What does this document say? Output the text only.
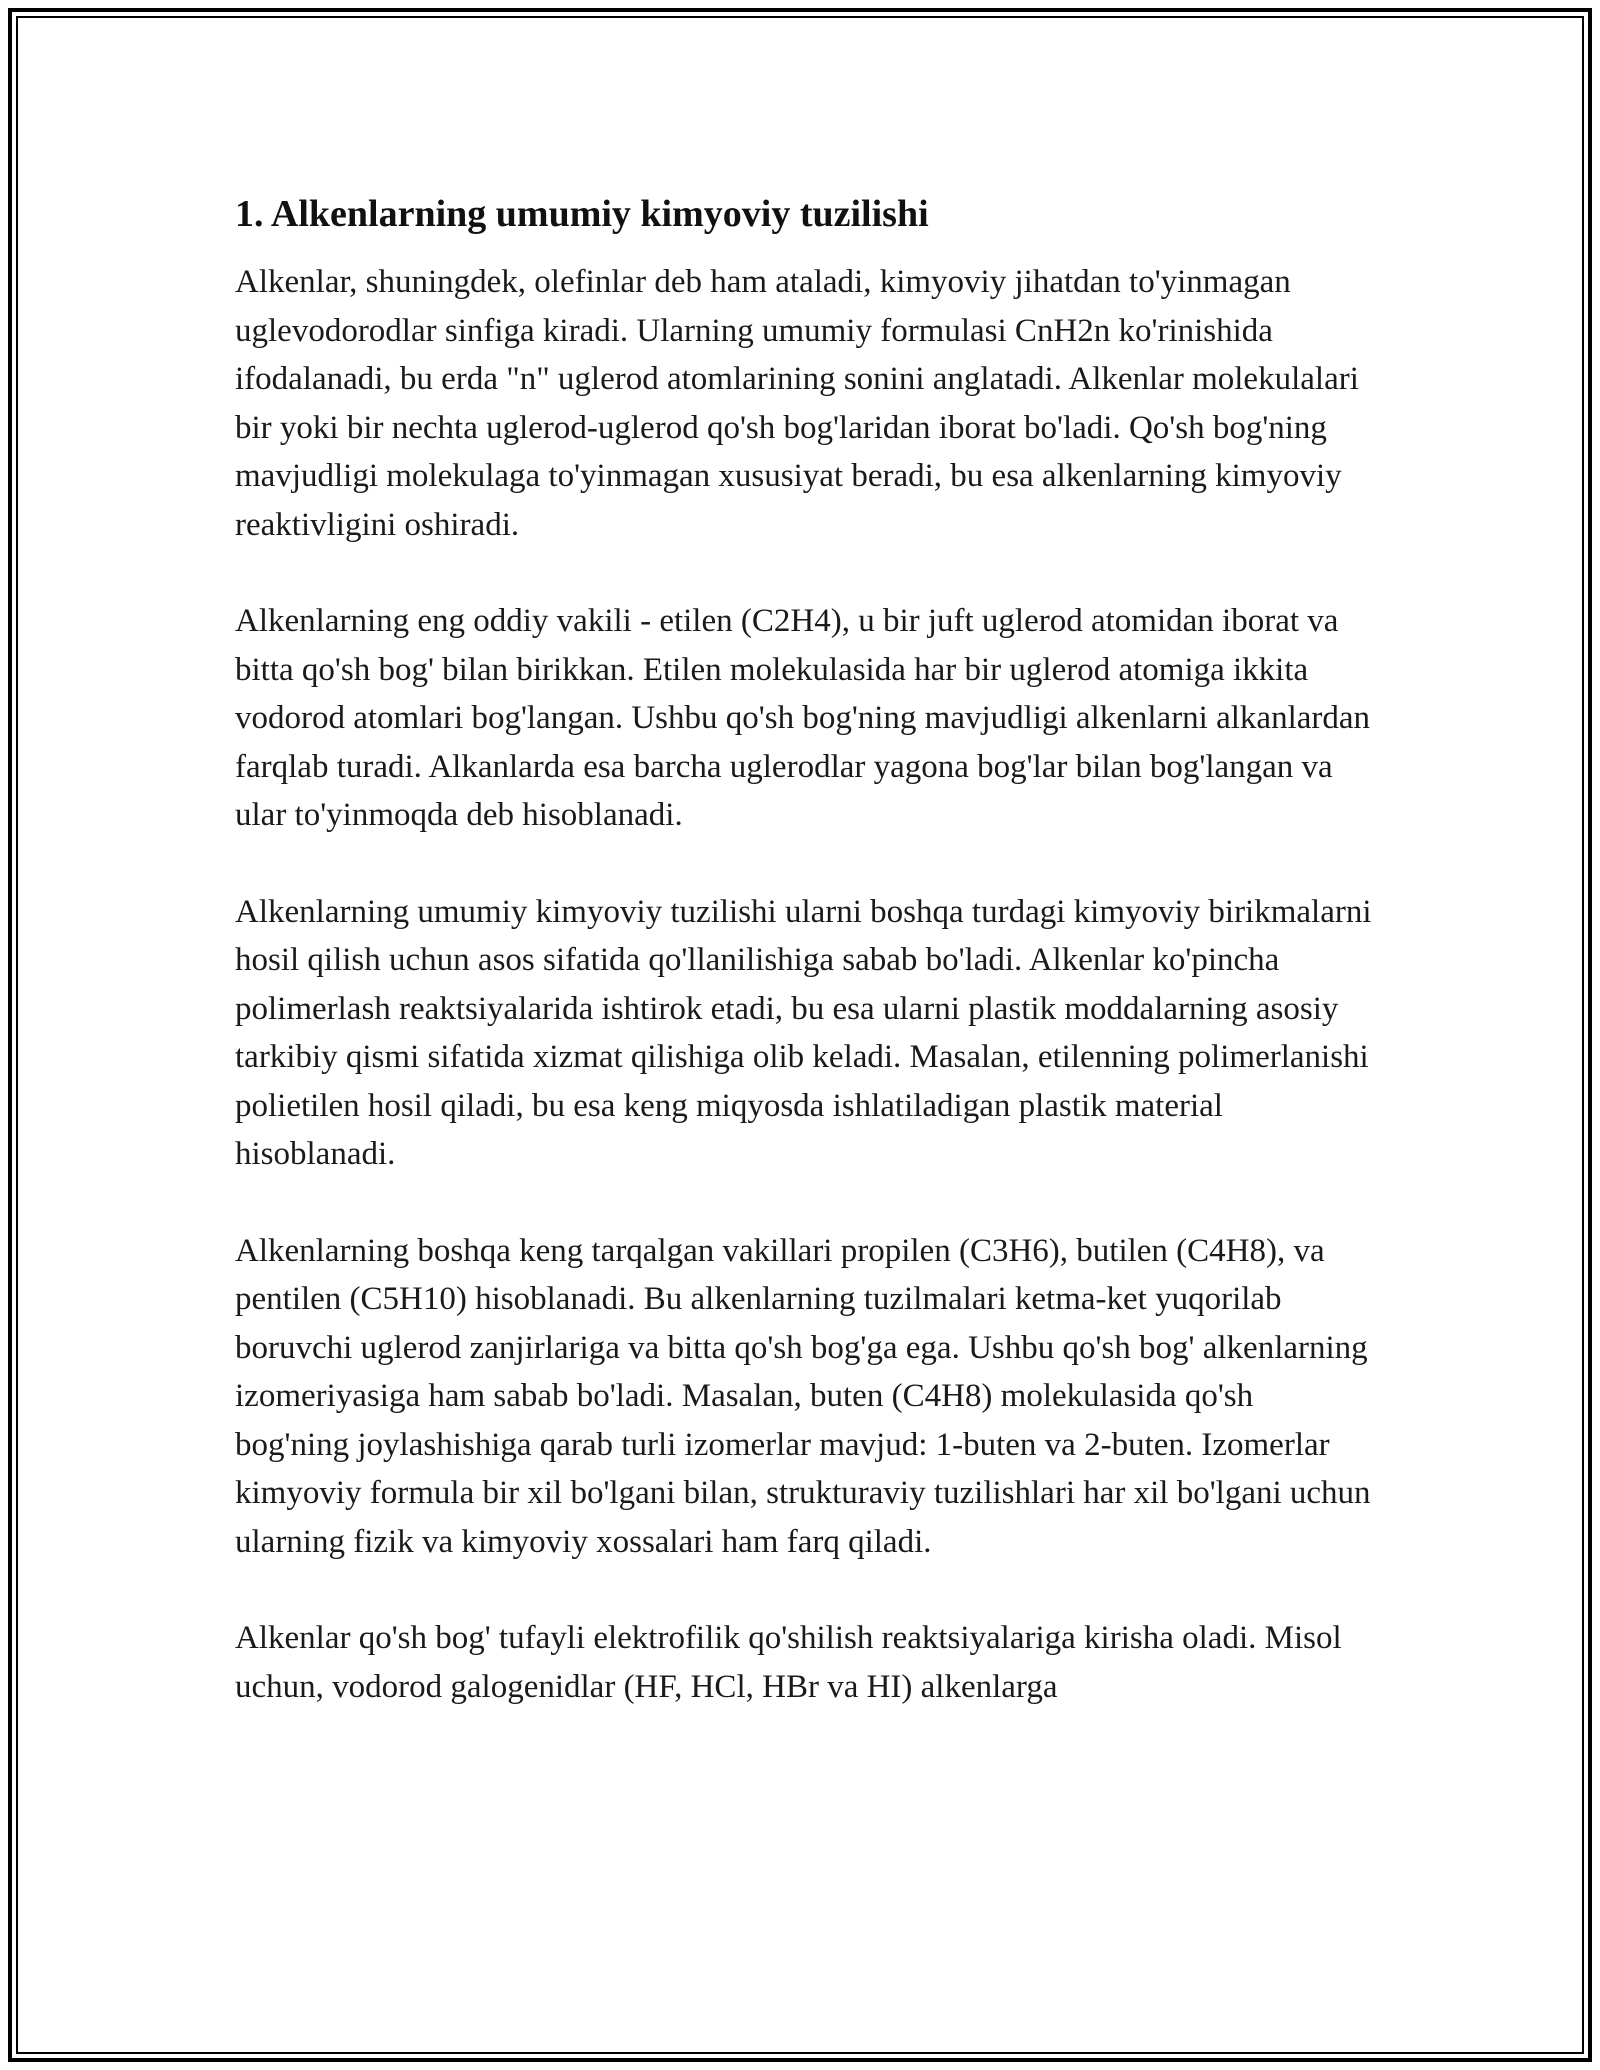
1. Alkenlarning umumiy kimyoviy tuzilishi

Alkenlar, shuningdek, olefinlar deb ham ataladi, kimyoviy jihatdan to'yinmagan uglevodorodlar sinfiga kiradi. Ularning umumiy formulasi CnH2n ko'rinishida ifodalanadi, bu erda "n" uglerod atomlarining sonini anglatadi. Alkenlar molekulalari bir yoki bir nechta uglerod-uglerod qo'sh bog'laridan iborat bo'ladi. Qo'sh bog'ning mavjudligi molekulaga to'yinmagan xususiyat beradi, bu esa alkenlarning kimyoviy reaktivligini oshiradi.

Alkenlarning eng oddiy vakili - etilen (C2H4), u bir juft uglerod atomidan iborat va bitta qo'sh bog' bilan birikkan. Etilen molekulasida har bir uglerod atomiga ikkita vodorod atomlari bog'langan. Ushbu qo'sh bog'ning mavjudligi alkenlarni alkanlardan farqlab turadi. Alkanlarda esa barcha uglerodlar yagona bog'lar bilan bog'langan va ular to'yinmoqda deb hisoblanadi.

Alkenlarning umumiy kimyoviy tuzilishi ularni boshqa turdagi kimyoviy birikmalarni hosil qilish uchun asos sifatida qo'llanilishiga sabab bo'ladi. Alkenlar ko'pincha polimerlash reaktsiyalarida ishtirok etadi, bu esa ularni plastik moddalarning asosiy tarkibiy qismi sifatida xizmat qilishiga olib keladi. Masalan, etilenning polimerlanishi polietilen hosil qiladi, bu esa keng miqyosda ishlatiladigan plastik material hisoblanadi.

Alkenlarning boshqa keng tarqalgan vakillari propilen (C3H6), butilen (C4H8), va pentilen (C5H10) hisoblanadi. Bu alkenlarning tuzilmalari ketma-ket yuqorilab boruvchi uglerod zanjirlariga va bitta qo'sh bog'ga ega. Ushbu qo'sh bog' alkenlarning izomeriyasiga ham sabab bo'ladi. Masalan, buten (C4H8) molekulasida qo'sh bog'ning joylashishiga qarab turli izomerlar mavjud: 1-buten va 2-buten. Izomerlar kimyoviy formula bir xil bo'lgani bilan, strukturaviy tuzilishlari har xil bo'lgani uchun ularning fizik va kimyoviy xossalari ham farq qiladi.

Alkenlar qo'sh bog' tufayli elektrofilik qo'shilish reaktsiyalariga kirisha oladi. Misol uchun, vodorod galogenidlar (HF, HCl, HBr va HI) alkenlarga
